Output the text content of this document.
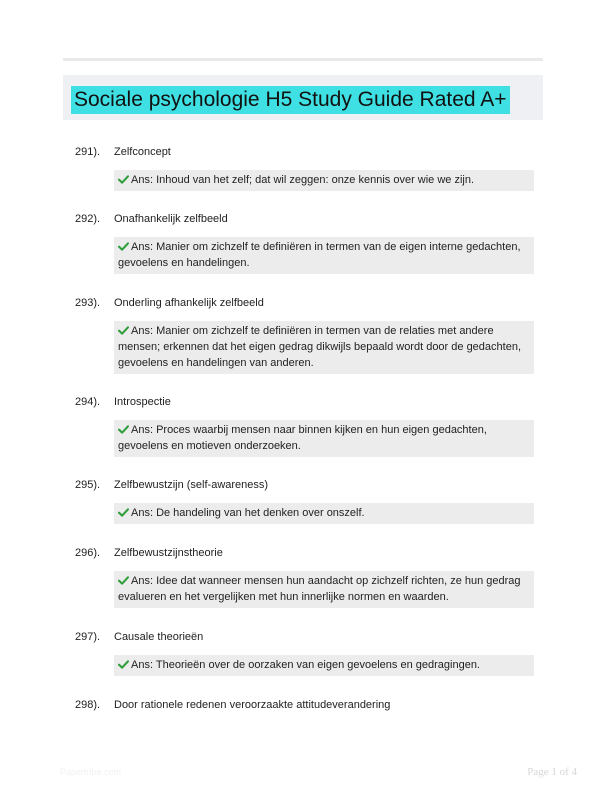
Sociale psychologie H5 Study Guide Rated A+
291). Zelfconcept
Ans: Inhoud van het zelf; dat wil zeggen: onze kennis over wie we zijn.
292). Onafhankelijk zelfbeeld
Ans: Manier om zichzelf te definiëren in termen van de eigen interne gedachten, gevoelens en handelingen.
293). Onderling afhankelijk zelfbeeld
Ans: Manier om zichzelf te definiëren in termen van de relaties met andere mensen; erkennen dat het eigen gedrag dikwijls bepaald wordt door de gedachten, gevoelens en handelingen van anderen.
294). Introspectie
Ans: Proces waarbij mensen naar binnen kijken en hun eigen gedachten, gevoelens en motieven onderzoeken.
295). Zelfbewustzijn (self-awareness)
Ans: De handeling van het denken over onszelf.
296). Zelfbewustzijnstheorie
Ans: Idee dat wanneer mensen hun aandacht op zichzelf richten, ze hun gedrag evalueren en het vergelijken met hun innerlijke normen en waarden.
297). Causale theorieën
Ans: Theorieën over de oorzaken van eigen gevoelens en gedragingen.
298). Door rationele redenen veroorzaakte attitudeverandering
Papertribe.com	Page 1 of 4
